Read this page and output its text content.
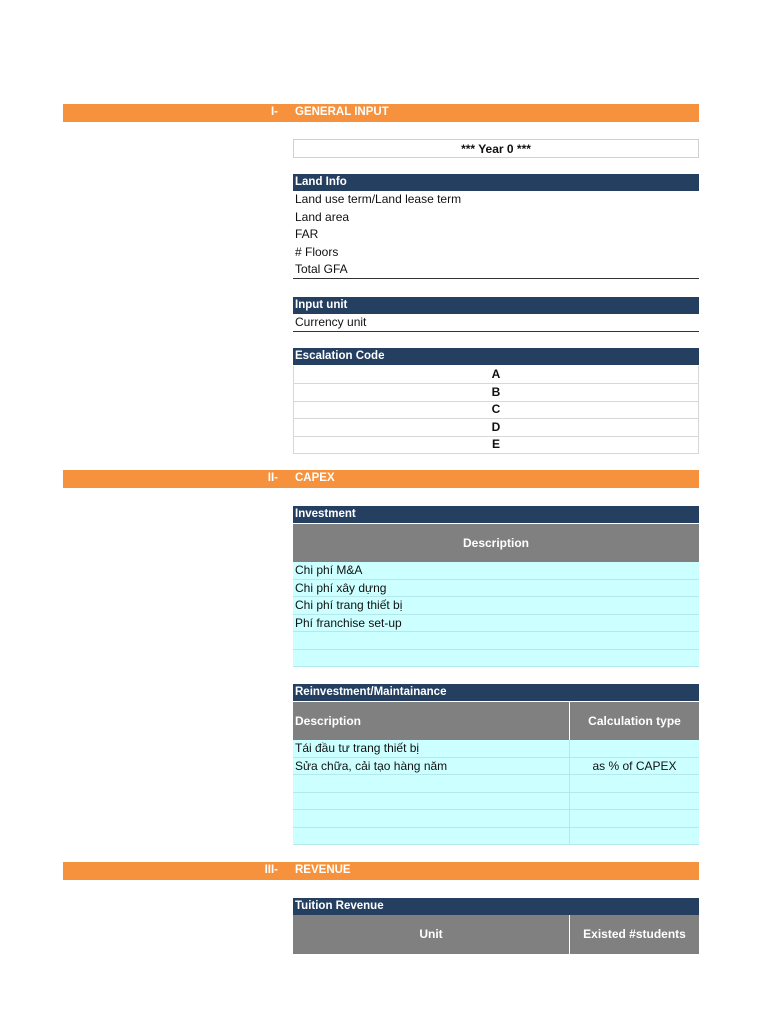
I- GENERAL INPUT
*** Year 0 ***
Land Info
Land use term/Land lease term
Land area
FAR
# Floors
Total GFA
Input unit
Currency unit
Escalation Code
A
B
C
D
E
II- CAPEX
Investment
Description
Chi phí M&A
Chi phí xây dựng
Chi phí trang thiết bị
Phí franchise set-up
Reinvestment/Maintainance
Description	Calculation type
Tái đầu tư trang thiết bị
Sửa chữa, cải tạo hàng năm	as % of CAPEX
III- REVENUE
Tuition Revenue
Unit	Existed #students
